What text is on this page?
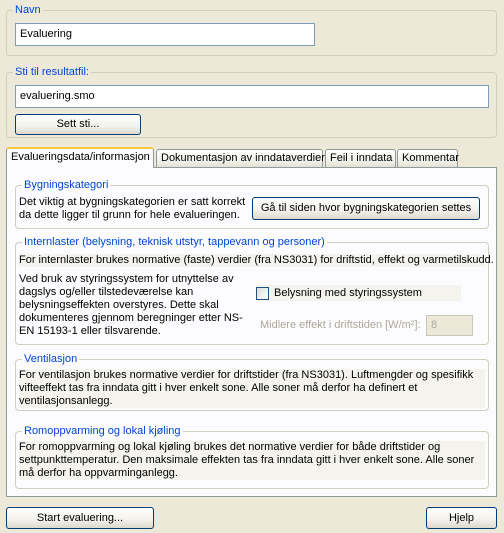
Navn
Evaluering
Sti til resultatfil:
evaluering.smo
Sett sti...
Evalueringsdata/informasjon	Dokumentasjon av inndataverdier Feil i inndata Kommentar
Bygningskategori
Det viktig at bygningskategorien er satt korrekt
da dette ligger til grunn for hele evalueringen.
Gå til siden hvor bygningskategorien settes
Internlaster (belysning, teknisk utstyr, tappevann og personer)
For internlaster brukes normative (faste) verdier (fra NS3031) for driftstid, effekt og varmetilskudd.
Ved bruk av styringssystem for utnyttelse av dagslys og/eller tilstedeværelse kan belysningseffekten overstyres. Dette skal dokumenteres gjennom beregninger etter NS-EN 15193-1 eller tilsvarende.
Belysning med styringssystem
Midlere effekt i driftstiden [W/m²]: 8
Ventilasjon
For ventilasjon brukes normative verdier for driftstider (fra NS3031). Luftmengder og spesifikk vifteeffekt tas fra inndata gitt i hver enkelt sone. Alle soner må derfor ha definert et ventilasjonsanlegg.
Romoppvarming og lokal kjøling
For romoppvarming og lokal kjøling brukes det normative verdier for både driftstider og settpunkttemperatur. Den maksimale effekten tas fra inndata gitt i hver enkelt sone. Alle soner må derfor ha oppvarminganlegg.
Start evaluering...	Hjelp
